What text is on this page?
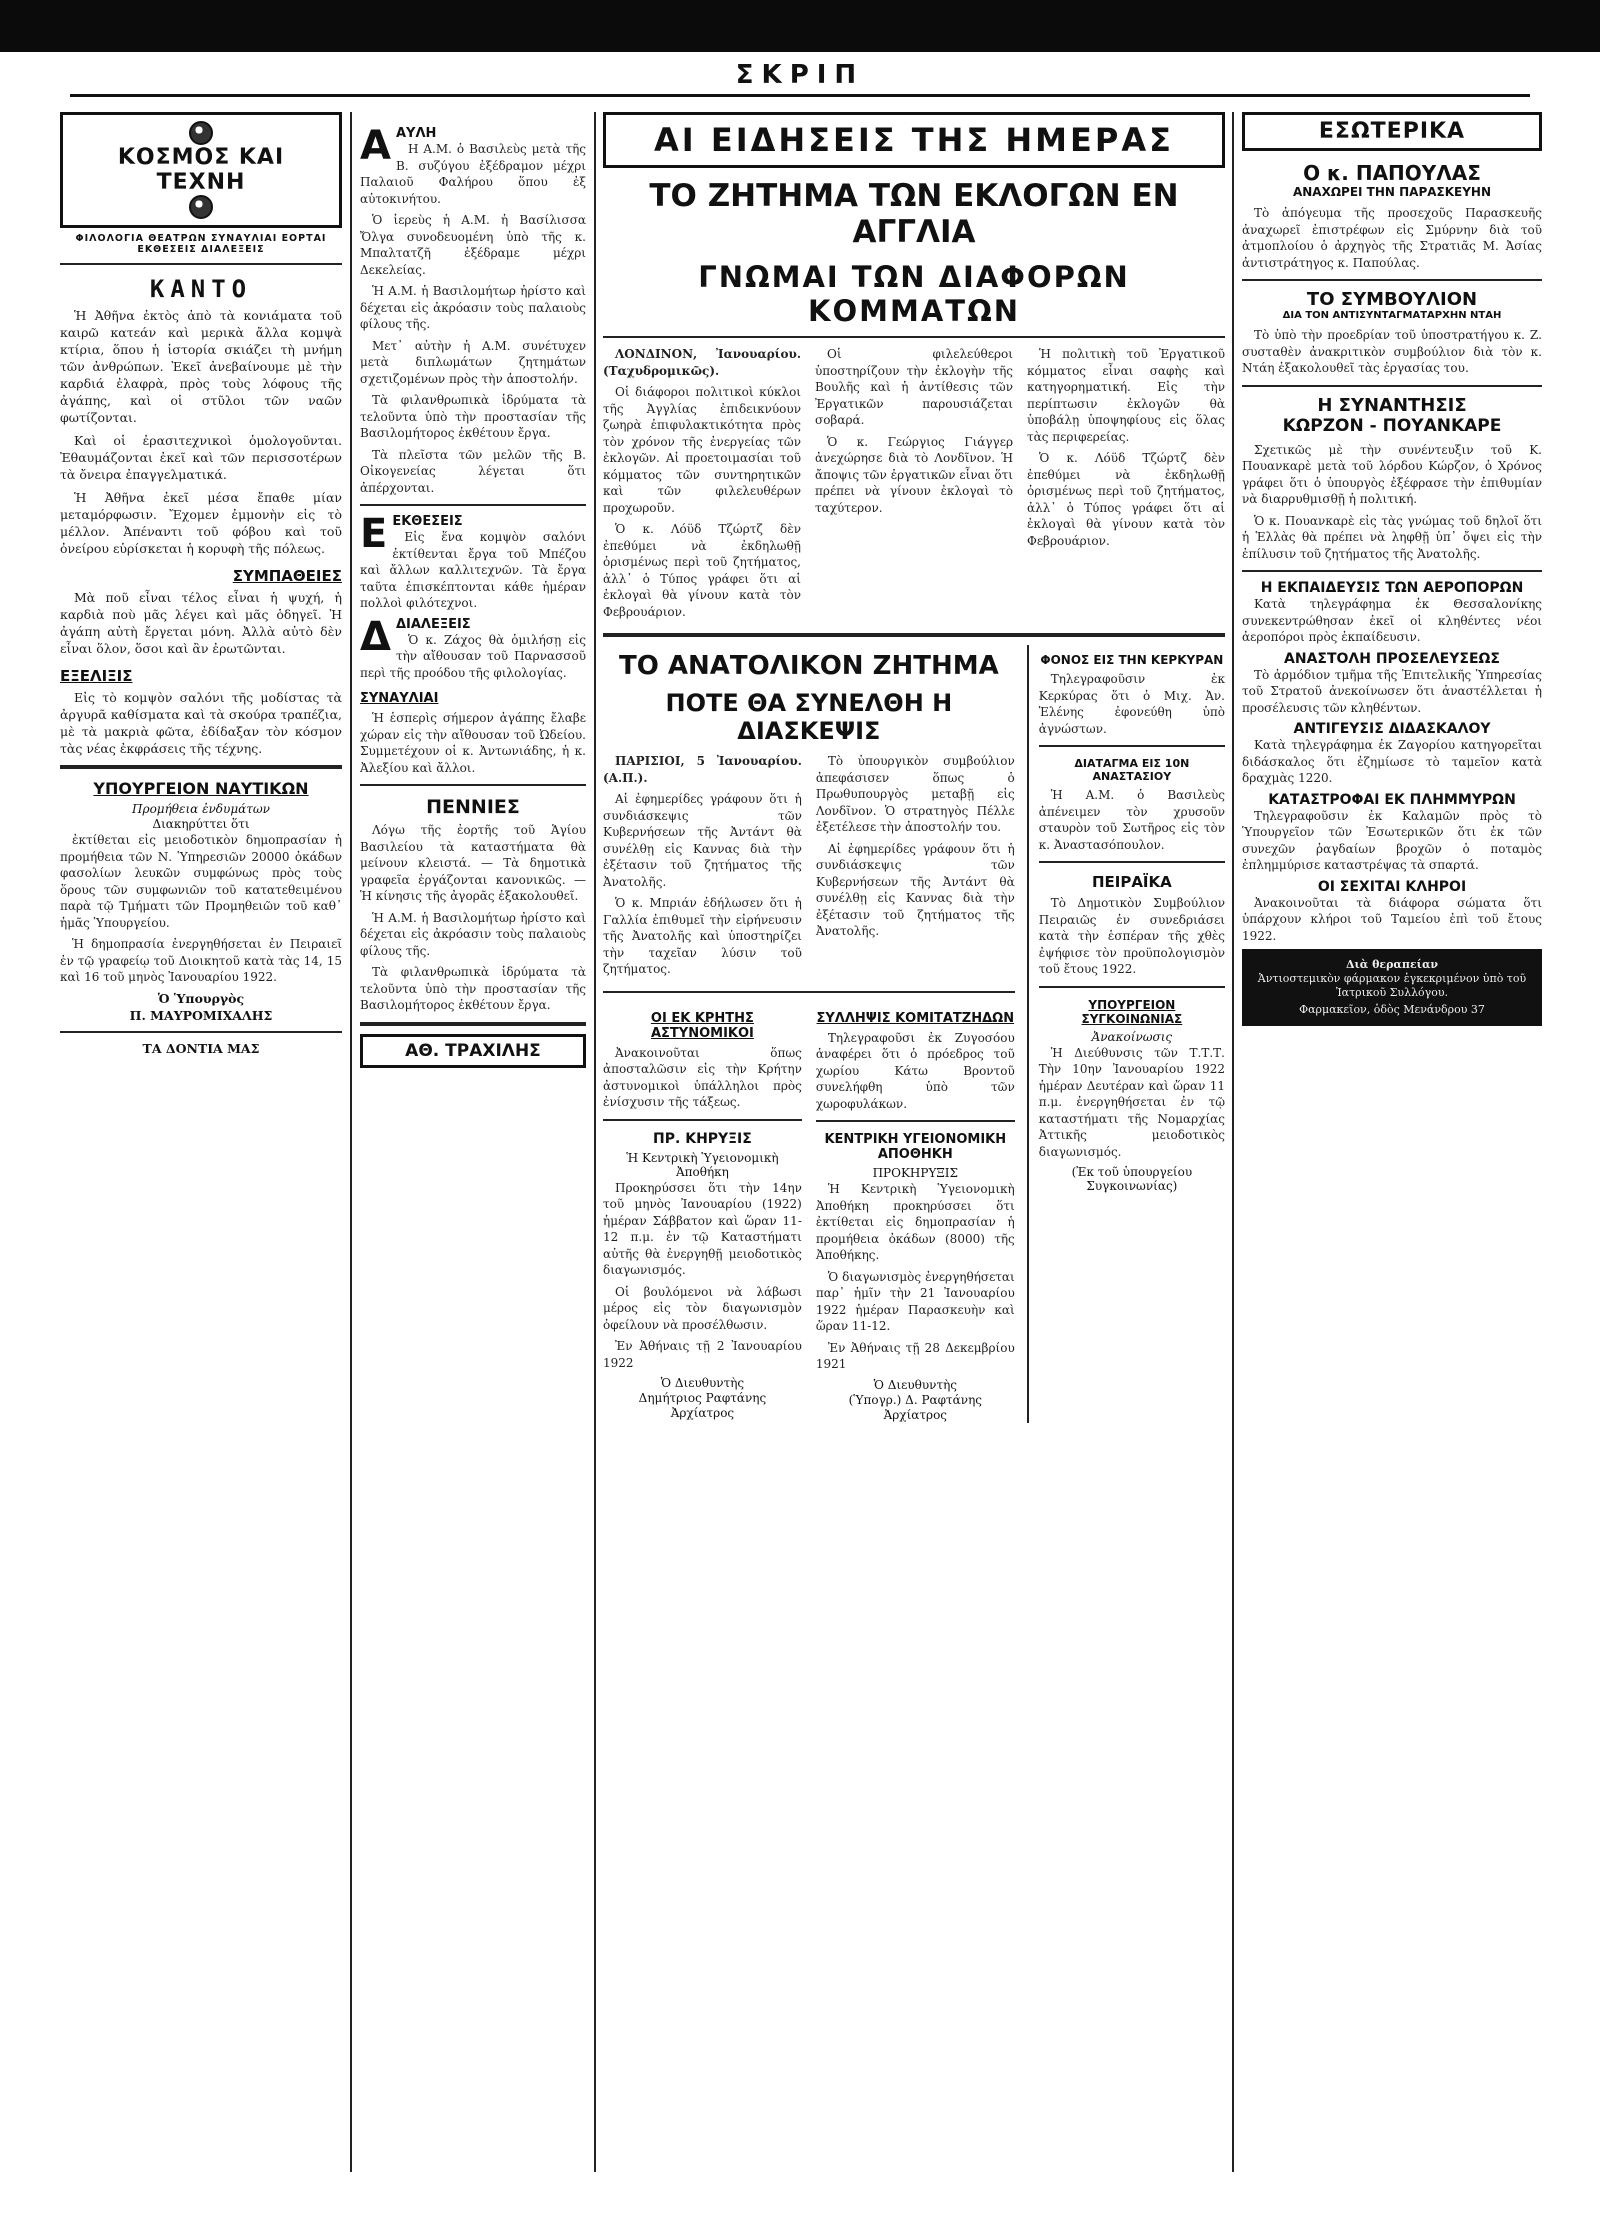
ΣΚΡΙΠ
ΚΟΣΜΟΣ ΚΑΙ ΤΕΧΝΗ
ΦΙΛΟΛΟΓΙΑ ΘΕΑΤΡΩΝ ΣΥΝΑΥΛΙΑΙ ΕΟΡΤΑΙ ΕΚΘΕΣΕΙΣ ΔΙΑΛΕΞΕΙΣ
ΚΑΝΤΟ

Ἡ Ἀθῆνα ἐκτὸς ἀπὸ τὰ κονιάματα τοῦ καιρῶ κατεάν καὶ μερικὰ ἄλλα κομψὰ κτίρια, ὅπου ἡ ἱστορία σκιάζει τὴ μνήμη τῶν ἀνθρώπων. Ἐκεῖ ἀνεβαίνουμε μὲ τὴν καρδιά ἐλαφρὰ, πρὸς τοὺς λόφους τῆς ἀγάπης, καὶ οἱ στῦλοι τῶν ναῶν φωτίζονται.

Καὶ οἱ ἐρασιτεχνικοὶ ὁμολογοῦνται. Ἐθαυμάζονται ἐκεῖ καὶ τῶν περισσοτέρων τὰ ὄνειρα ἐπαγγελματικά.

Ἡ Ἀθῆνα ἐκεῖ μέσα ἔπαθε μίαν μεταμόρφωσιν. Ἔχομεν ἐμμονὴν εἰς τὸ μέλλον. Ἀπέναντι τοῦ φόβου καὶ τοῦ ὀνείρου εὑρίσκεται ἡ κορυφὴ τῆς πόλεως.

ΣΥΜΠΑΘΕΙΕΣ

Μὰ ποῦ εἶναι τέλος εἶναι ἡ ψυχή, ἡ καρδιὰ ποὺ μᾶς λέγει καὶ μᾶς ὁδηγεῖ. Ἡ ἀγάπη αὐτὴ ἔργεται μόνη. Ἀλλὰ αὐτὸ δὲν εἶναι ὅλον, ὅσοι καὶ ἂν ἐρωτῶνται.

ΕΞΕΛΙΞΙΣ

Εἰς τὸ κομψὸν σαλόνι τῆς μοδίστας τὰ ἀργυρᾶ καθίσματα καὶ τὰ σκούρα τραπέζια, μὲ τὰ μακριὰ φῶτα, ἐδίδαξαν τὸν κόσμον τὰς νέας ἐκφράσεις τῆς τέχνης.

ΥΠΟΥΡΓΕΙΟΝ ΝΑΥΤΙΚΩΝ
Προμήθεια ἐνδυμάτων
Διακηρύττει ὅτι

ἐκτίθεται εἰς μειοδοτικὸν δημοπρασίαν ἡ προμήθεια τῶν Ν. Ὑπηρεσιῶν 20000 ὀκάδων φασολίων λευκῶν συμφώνως πρὸς τοὺς ὅρους τῶν συμφωνιῶν τοῦ κατατεθειμένου παρὰ τῷ Τμήματι τῶν Προμηθειῶν τοῦ καθ᾽ ἡμᾶς Ὑπουργείου.

Ἡ δημοπρασία ἐνεργηθήσεται ἐν Πειραιεῖ ἐν τῷ γραφείῳ τοῦ Διοικητοῦ κατὰ τὰς 14, 15 καὶ 16 τοῦ μηνὸς Ἰανουαρίου 1922.

Ὁ Ὑπουργὸς
Π. ΜΑΥΡΟΜΙΧΑΛΗΣ
ΤΑ ΔΟΝΤΙΑ ΜΑΣ
Α ΑΥΛΗ

Η Α.Μ. ὁ Βασιλεὺς μετὰ τῆς Β. συζύγου ἐξέδραμον μέχρι Παλαιοῦ Φαλήρου ὅπου ἐξ αὐτοκινήτου.

Ὁ ἱερεὺς ἡ Α.Μ. ἡ Βασίλισσα Ὄλγα συνοδευομένη ὑπὸ τῆς κ. Μπαλτατζῆ ἐξέδραμε μέχρι Δεκελείας.

Ἡ Α.Μ. ἡ Βασιλομήτωρ ἠρίστο καὶ δέχεται εἰς ἀκρόασιν τοὺς παλαιοὺς φίλους τῆς.

Μετ᾽ αὐτὴν ἡ Α.Μ. συνέτυχεν μετὰ διπλωμάτων ζητημάτων σχετιζομένων πρὸς τὴν ἀποστολήν.

Τὰ φιλανθρωπικὰ ἱδρύματα τὰ τελοῦντα ὑπὸ τὴν προστασίαν τῆς Βασιλομήτορος ἐκθέτουν ἔργα.

Τὰ πλεῖστα τῶν μελῶν τῆς Β. Οἰκογενείας λέγεται ὅτι ἀπέρχονται.

Ε ΕΚΘΕΣΕΙΣ

Εἰς ἕνα κομψὸν σαλόνι ἐκτίθενται ἔργα τοῦ Μπέζου καὶ ἄλλων καλλιτεχνῶν. Τὰ ἔργα ταῦτα ἐπισκέπτονται κάθε ἡμέραν πολλοὶ φιλότεχνοι.

Δ ΔΙΑΛΕΞΕΙΣ

Ὁ κ. Ζάχος θὰ ὁμιλήσῃ εἰς τὴν αἴθουσαν τοῦ Παρνασσοῦ περὶ τῆς προόδου τῆς φιλολογίας.

ΣΥΝΑΥΛΙΑΙ

Ἡ ἑσπερὶς σήμερον ἀγάπης ἔλαβε χώραν εἰς τὴν αἴθουσαν τοῦ Ὠδείου. Συμμετέχουν οἱ κ. Ἀντωνιάδης, ἡ κ. Ἀλεξίου καὶ ἄλλοι.

ΠΕΝΝΙΕΣ

Λόγω τῆς ἐορτῆς τοῦ Ἁγίου Βασιλείου τὰ καταστήματα θὰ μείνουν κλειστά. — Τὰ δημοτικὰ γραφεῖα ἐργάζονται κανονικῶς. — Ἡ κίνησις τῆς ἀγορᾶς ἐξακολουθεῖ.

Ἡ Α.Μ. ἡ Βασιλομήτωρ ἠρίστο καὶ δέχεται εἰς ἀκρόασιν τοὺς παλαιοὺς φίλους τῆς.

Τὰ φιλανθρωπικὰ ἱδρύματα τὰ τελοῦντα ὑπὸ τὴν προστασίαν τῆς Βασιλομήτορος ἐκθέτουν ἔργα.

ΑΘ. ΤΡΑΧΙΛΗΣ
ΑΙ ΕΙΔΗΣΕΙΣ ΤΗΣ ΗΜΕΡΑΣ
ΤΟ ΖΗΤΗΜΑ ΤΩΝ ΕΚΛΟΓΩΝ ΕΝ ΑΓΓΛΙΑ
ΓΝΩΜΑΙ ΤΩΝ ΔΙΑΦΟΡΩΝ ΚΟΜΜΑΤΩΝ

ΛΟΝΔΙΝΟΝ, Ἰανουαρίου. (Ταχυδρομικῶς).

Οἱ διάφοροι πολιτικοὶ κύκλοι τῆς Ἀγγλίας ἐπιδεικνύουν ζωηρὰ ἐπιφυλακτικότητα πρὸς τὸν χρόνον τῆς ἐνεργείας τῶν ἐκλογῶν. Αἱ προετοιμασίαι τοῦ κόμματος τῶν συντηρητικῶν καὶ τῶν φιλελευθέρων προχωροῦν.

Ὁ κ. Λόϋδ Τζώρτζ δὲν ἐπεθύμει νὰ ἐκδηλωθῇ ὁρισμένως περὶ τοῦ ζητήματος, ἀλλ᾽ ὁ Τύπος γράφει ὅτι αἱ ἐκλογαὶ θὰ γίνουν κατὰ τὸν Φεβρουάριον.

Οἱ φιλελεύθεροι ὑποστηρίζουν τὴν ἐκλογὴν τῆς Βουλῆς καὶ ἡ ἀντίθεσις τῶν Ἐργατικῶν παρουσιάζεται σοβαρά.

Ὁ κ. Γεώργιος Γιάγγερ ἀνεχώρησε διὰ τὸ Λονδῖνον. Ἡ ἄποψις τῶν ἐργατικῶν εἶναι ὅτι πρέπει νὰ γίνουν ἐκλογαὶ τὸ ταχύτερον.

Ἡ πολιτικὴ τοῦ Ἐργατικοῦ κόμματος εἶναι σαφὴς καὶ κατηγορηματική. Εἰς τὴν περίπτωσιν ἐκλογῶν θὰ ὑποβάλῃ ὑποψηφίους εἰς ὅλας τὰς περιφερείας.

Ὁ κ. Λόϋδ Τζώρτζ δὲν ἐπεθύμει νὰ ἐκδηλωθῇ ὁρισμένως περὶ τοῦ ζητήματος, ἀλλ᾽ ὁ Τύπος γράφει ὅτι αἱ ἐκλογαὶ θὰ γίνουν κατὰ τὸν Φεβρουάριον.

ΤΟ ΑΝΑΤΟΛΙΚΟΝ ΖΗΤΗΜΑ
ΠΟΤΕ ΘΑ ΣΥΝΕΛΘΗ Η ΔΙΑΣΚΕΨΙΣ

ΠΑΡΙΣΙΟΙ, 5 Ἰανουαρίου. (Α.Π.).

Αἱ ἐφημερίδες γράφουν ὅτι ἡ συνδιάσκεψις τῶν Κυβερνήσεων τῆς Ἀντάντ θὰ συνέλθῃ εἰς Καννας διὰ τὴν ἐξέτασιν τοῦ ζητήματος τῆς Ἀνατολῆς.

Ὁ κ. Μπριάν ἐδήλωσεν ὅτι ἡ Γαλλία ἐπιθυμεῖ τὴν εἰρήνευσιν τῆς Ἀνατολῆς καὶ ὑποστηρίζει τὴν ταχεῖαν λύσιν τοῦ ζητήματος.

Τὸ ὑπουργικὸν συμβούλιον ἀπεφάσισεν ὅπως ὁ Πρωθυπουργὸς μεταβῇ εἰς Λονδῖνον. Ὁ στρατηγὸς Πέλλε ἐξετέλεσε τὴν ἀποστολήν του.

Αἱ ἐφημερίδες γράφουν ὅτι ἡ συνδιάσκεψις τῶν Κυβερνήσεων τῆς Ἀντάντ θὰ συνέλθῃ εἰς Καννας διὰ τὴν ἐξέτασιν τοῦ ζητήματος τῆς Ἀνατολῆς.

ΟΙ ΕΚ ΚΡΗΤΗΣ ΑΣΤΥΝΟΜΙΚΟΙ

Ἀνακοινοῦται ὅπως ἀποσταλῶσιν εἰς τὴν Κρήτην ἀστυνομικοὶ ὑπάλληλοι πρὸς ἐνίσχυσιν τῆς τάξεως.

ΠΡ. ΚΗΡΥΞΙΣ
Ἡ Κεντρικὴ Ὑγειονομικὴ Ἀποθήκη

Προκηρύσσει ὅτι τὴν 14ην τοῦ μηνὸς Ἰανουαρίου (1922) ἡμέραν Σάββατον καὶ ὥραν 11-12 π.μ. ἐν τῷ Καταστήματι αὐτῆς θὰ ἐνεργηθῇ μειοδοτικὸς διαγωνισμός.

Οἱ βουλόμενοι νὰ λάβωσι μέρος εἰς τὸν διαγωνισμὸν ὀφείλουν νὰ προσέλθωσιν.

Ἐν Ἀθήναις τῇ 2 Ἰανουαρίου 1922

Ὁ Διευθυντὴς
Δημήτριος Ραφτάνης
Ἀρχίατρος
ΣΥΛΛΗΨΙΣ ΚΟΜΙΤΑΤΖΗΔΩΝ

Τηλεγραφοῦσι ἐκ Ζυγοσόου ἀναφέρει ὅτι ὁ πρόεδρος τοῦ χωρίου Κάτω Βροντοῦ συνελήφθη ὑπὸ τῶν χωροφυλάκων.

ΚΕΝΤΡΙΚΗ ΥΓΕΙΟΝΟΜΙΚΗ ΑΠΟΘΗΚΗ
ΠΡΟΚΗΡΥΞΙΣ

Ἡ Κεντρικὴ Ὑγειονομικὴ Ἀποθήκη προκηρύσσει ὅτι ἐκτίθεται εἰς δημοπρασίαν ἡ προμήθεια ὀκάδων (8000) τῆς Ἀποθήκης.

Ὁ διαγωνισμὸς ἐνεργηθήσεται παρ᾽ ἡμῖν τὴν 21 Ἰανουαρίου 1922 ἡμέραν Παρασκευὴν καὶ ὥραν 11-12.

Ἐν Ἀθήναις τῇ 28 Δεκεμβρίου 1921

Ὁ Διευθυντὴς
(Ὑπογρ.) Δ. Ραφτάνης
Ἀρχίατρος
ΦΟΝΟΣ ΕΙΣ ΤΗΝ ΚΕΡΚΥΡΑΝ

Τηλεγραφοῦσιν ἐκ Κερκύρας ὅτι ὁ Μιχ. Ἀν. Ἑλένης ἐφονεύθη ὑπὸ ἀγνώστων.

ΔΙΑΤΑΓΜΑ ΕΙΣ 10Ν ΑΝΑΣΤΑΣΙΟΥ

Ἡ Α.Μ. ὁ Βασιλεὺς ἀπένειμεν τὸν χρυσοῦν σταυρὸν τοῦ Σωτῆρος εἰς τὸν κ. Ἀναστασόπουλον.

ΠΕΙΡΑΪΚΑ

Τὸ Δημοτικὸν Συμβούλιον Πειραιῶς ἐν συνεδριάσει κατὰ τὴν ἑσπέραν τῆς χθὲς ἐψήφισε τὸν προϋπολογισμὸν τοῦ ἔτους 1922.

ΥΠΟΥΡΓΕΙΟΝ ΣΥΓΚΟΙΝΩΝΙΑΣ
Ἀνακοίνωσις

Ἡ Διεύθυνσις τῶν Τ.Τ.Τ. Τὴν 10ην Ἰανουαρίου 1922 ἡμέραν Δευτέραν καὶ ὥραν 11 π.μ. ἐνεργηθήσεται ἐν τῷ καταστήματι τῆς Νομαρχίας Ἀττικῆς μειοδοτικὸς διαγωνισμός.

(Ἐκ τοῦ ὑπουργείου Συγκοινωνίας)
ΕΣΩΤΕΡΙΚΑ
Ο κ. ΠΑΠΟΥΛΑΣ
ΑΝΑΧΩΡΕΙ ΤΗΝ ΠΑΡΑΣΚΕΥΗΝ

Τὸ ἀπόγευμα τῆς προσεχοῦς Παρασκευῆς ἀναχωρεῖ ἐπιστρέφων εἰς Σμύρνην διὰ τοῦ ἀτμοπλοίου ὁ ἀρχηγὸς τῆς Στρατιᾶς Μ. Ἀσίας ἀντιστράτηγος κ. Παπούλας.

ΤΟ ΣΥΜΒΟΥΛΙΟΝ
ΔΙΑ ΤΟΝ ΑΝΤΙΣΥΝΤΑΓΜΑΤΑΡΧΗΝ ΝΤΑΗ

Τὸ ὑπὸ τὴν προεδρίαν τοῦ ὑποστρατήγου κ. Ζ. συσταθὲν ἀνακριτικὸν συμβούλιον διὰ τὸν κ. Ντάη ἐξακολουθεῖ τὰς ἐργασίας του.

Η ΣΥΝΑΝΤΗΣΙΣ
ΚΩΡΖΟΝ - ΠΟΥΑΝΚΑΡΕ

Σχετικῶς μὲ τὴν συνέντευξιν τοῦ Κ. Πουανκαρὲ μετὰ τοῦ λόρδου Κώρζον, ὁ Χρόνος γράφει ὅτι ὁ ὑπουργὸς ἐξέφρασε τὴν ἐπιθυμίαν νὰ διαρρυθμισθῇ ἡ πολιτική.

Ὁ κ. Πουανκαρὲ εἰς τὰς γνώμας τοῦ δηλοῖ ὅτι ἡ Ἑλλὰς θὰ πρέπει νὰ ληφθῇ ὑπ᾽ ὄψει εἰς τὴν ἐπίλυσιν τοῦ ζητήματος τῆς Ἀνατολῆς.

Η ΕΚΠΑΙΔΕΥΣΙΣ ΤΩΝ ΑΕΡΟΠΟΡΩΝ

Κατὰ τηλεγράφημα ἐκ Θεσσαλονίκης συνεκεντρώθησαν ἐκεῖ οἱ κληθέντες νέοι ἀεροπόροι πρὸς ἐκπαίδευσιν.

ΑΝΑΣΤΟΛΗ ΠΡΟΣΕΛΕΥΣΕΩΣ

Τὸ ἀρμόδιον τμῆμα τῆς Ἐπιτελικῆς Ὑπηρεσίας τοῦ Στρατοῦ ἀνεκοίνωσεν ὅτι ἀναστέλλεται ἡ προσέλευσις τῶν κληθέντων.

ΑΝΤΙΓΕΥΣΙΣ ΔΙΔΑΣΚΑΛΟΥ

Κατὰ τηλεγράφημα ἐκ Ζαγορίου κατηγορεῖται διδάσκαλος ὅτι ἐζημίωσε τὸ ταμεῖον κατὰ δραχμὰς 1220.

ΚΑΤΑΣΤΡΟΦΑΙ ΕΚ ΠΛΗΜΜΥΡΩΝ

Τηλεγραφοῦσιν ἐκ Καλαμῶν πρὸς τὸ Ὑπουργεῖον τῶν Ἐσωτερικῶν ὅτι ἐκ τῶν συνεχῶν ῥαγδαίων βροχῶν ὁ ποταμὸς ἐπλημμύρισε καταστρέψας τὰ σπαρτά.

ΟΙ ΣΕΧΙΤΑΙ ΚΛΗΡΟΙ

Ἀνακοινοῦται τὰ διάφορα σώματα ὅτι ὑπάρχουν κλήροι τοῦ Ταμείου ἐπὶ τοῦ ἔτους 1922.

Διὰ θεραπείαν
Ἀντιοστεμικὸν φάρμακον ἐγκεκριμένον ὑπὸ τοῦ Ἰατρικοῦ Συλλόγου.
Φαρμακεῖον, ὁδὸς Μενάνδρου 37
